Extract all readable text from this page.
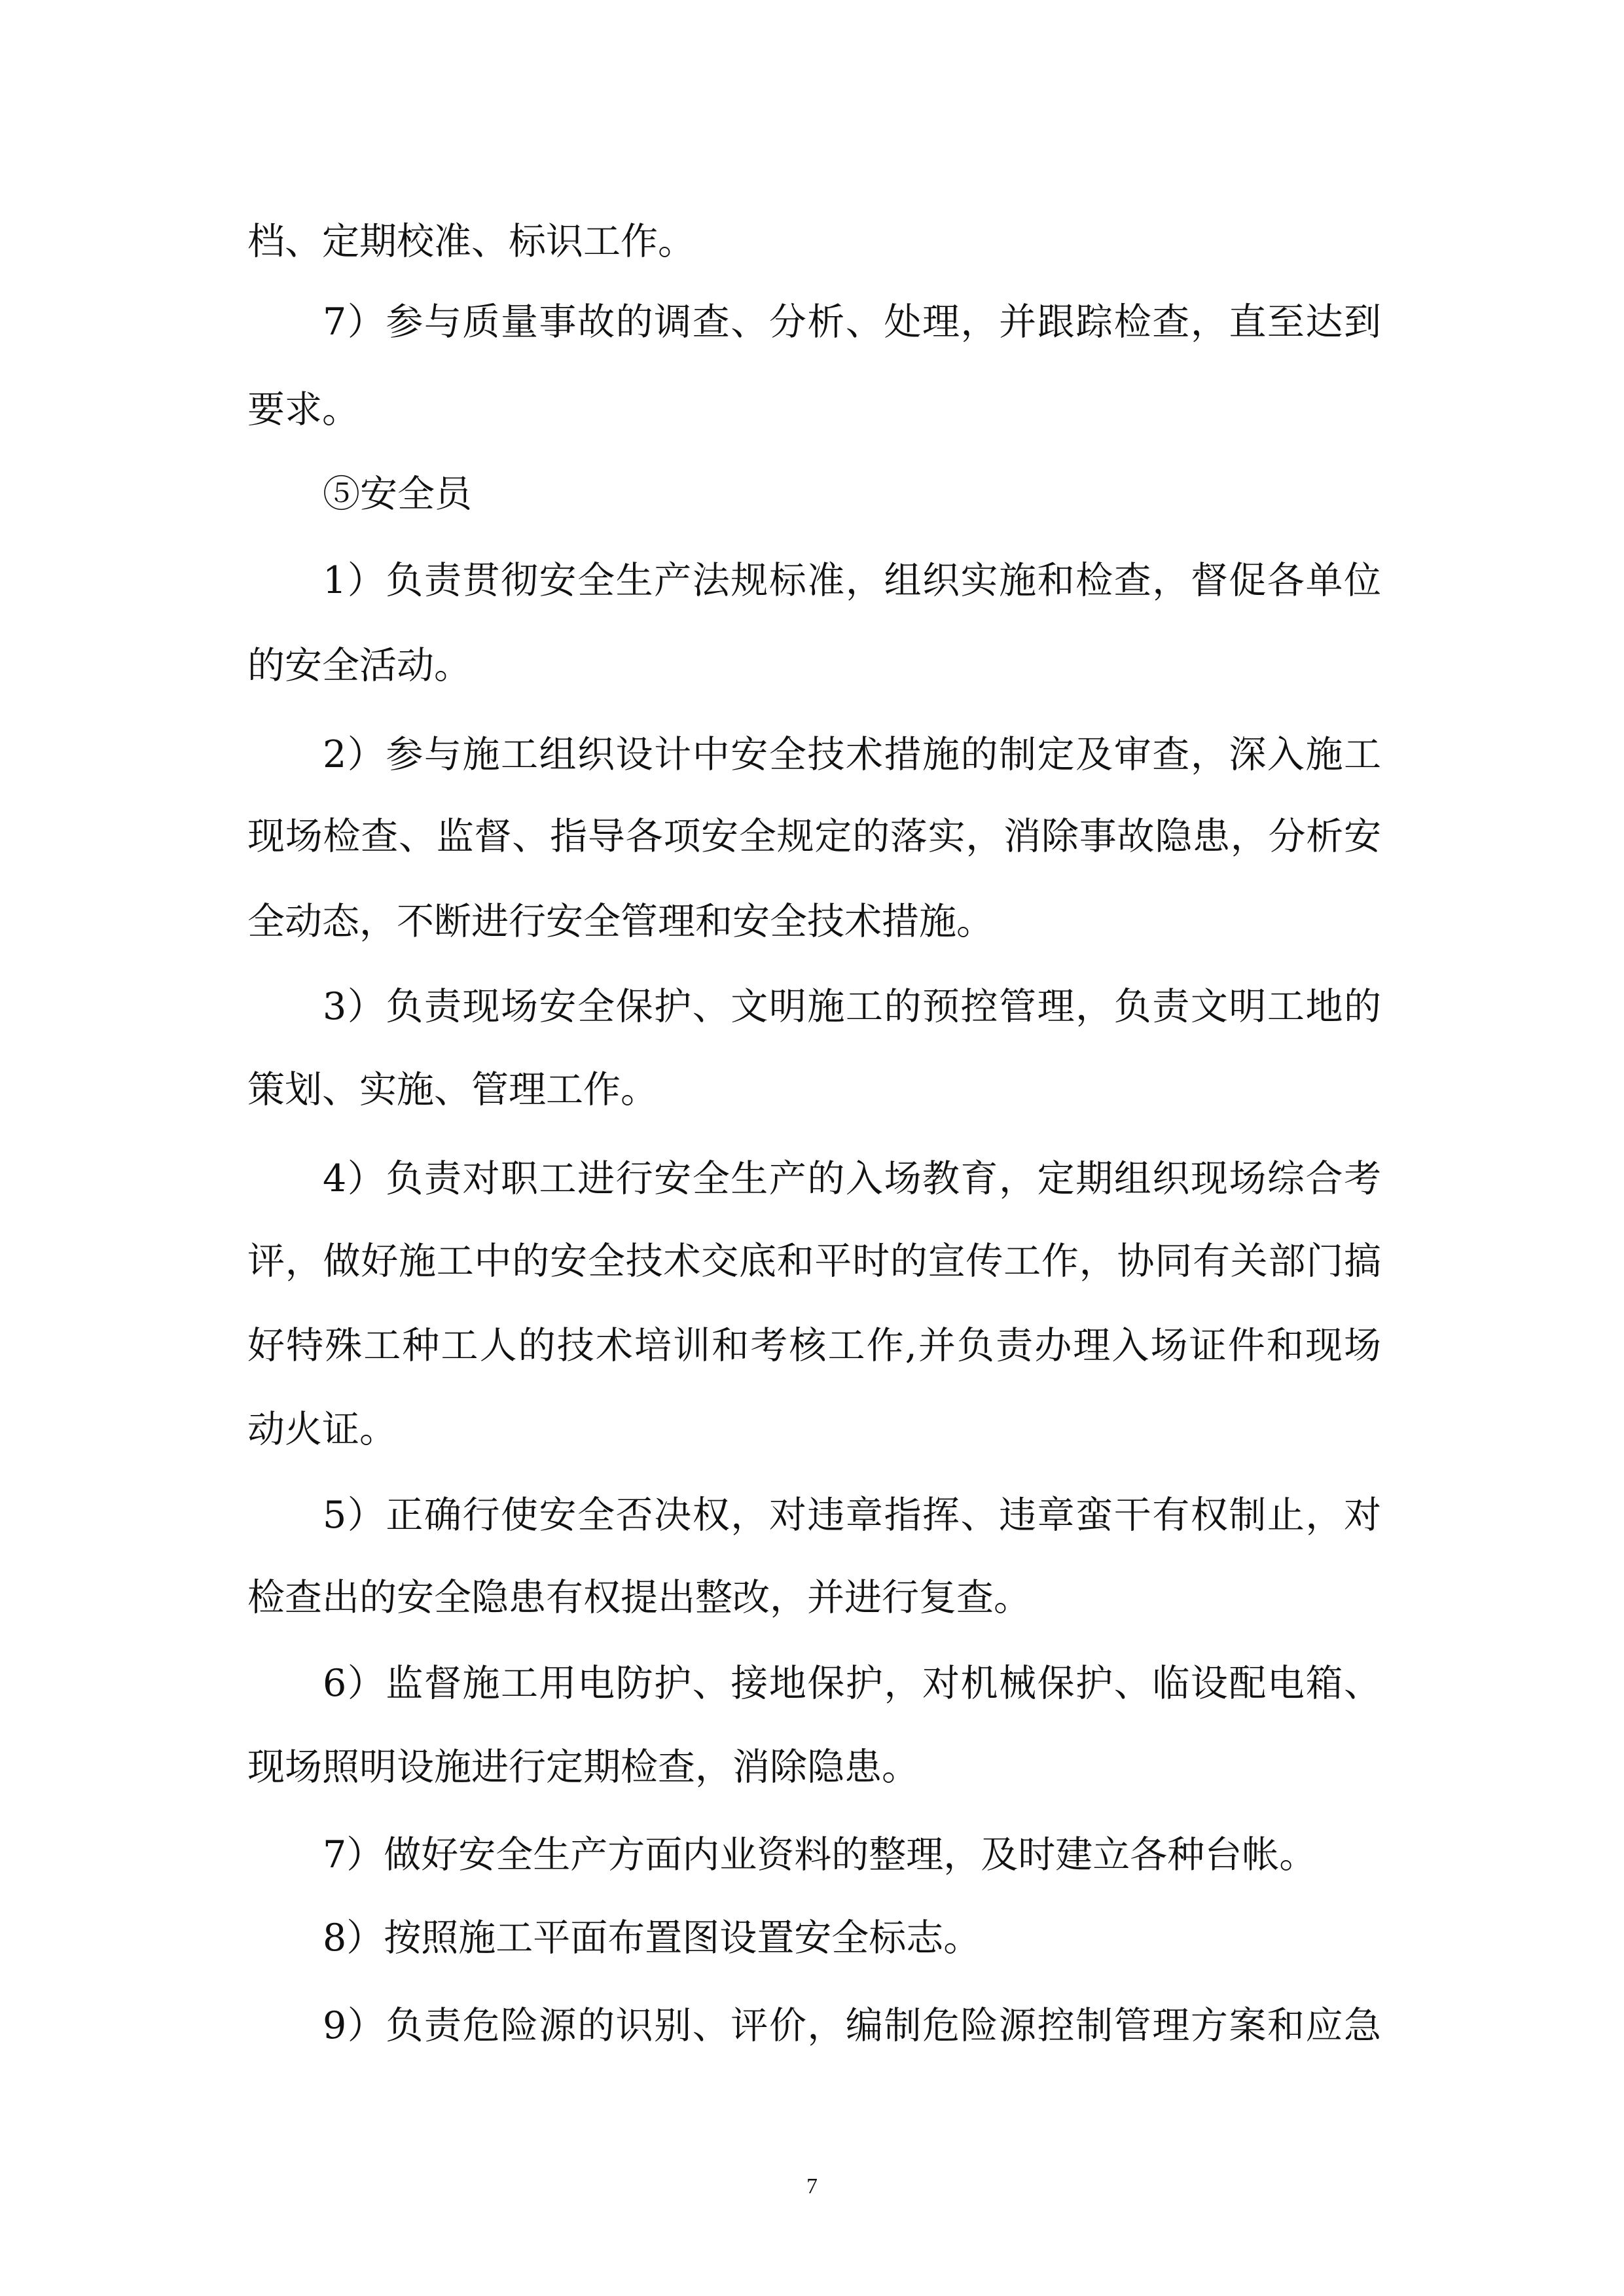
档、定期校准、标识工作。
7）参与质量事故的调查、分析、处理，并跟踪检查，直至达到
要求。
⑤安全员
1）负责贯彻安全生产法规标准，组织实施和检查，督促各单位
的安全活动。
2）参与施工组织设计中安全技术措施的制定及审查，深入施工
现场检查、监督、指导各项安全规定的落实，消除事故隐患，分析安
全动态，不断进行安全管理和安全技术措施。
3）负责现场安全保护、文明施工的预控管理，负责文明工地的
策划、实施、管理工作。
4）负责对职工进行安全生产的入场教育，定期组织现场综合考
评，做好施工中的安全技术交底和平时的宣传工作，协同有关部门搞
好特殊工种工人的技术培训和考核工作,并负责办理入场证件和现场
动火证。
5）正确行使安全否决权，对违章指挥、违章蛮干有权制止，对
检查出的安全隐患有权提出整改，并进行复查。
6）监督施工用电防护、接地保护，对机械保护、临设配电箱、
现场照明设施进行定期检查，消除隐患。
7）做好安全生产方面内业资料的整理，及时建立各种台帐。
8）按照施工平面布置图设置安全标志。
9）负责危险源的识别、评价，编制危险源控制管理方案和应急
7
